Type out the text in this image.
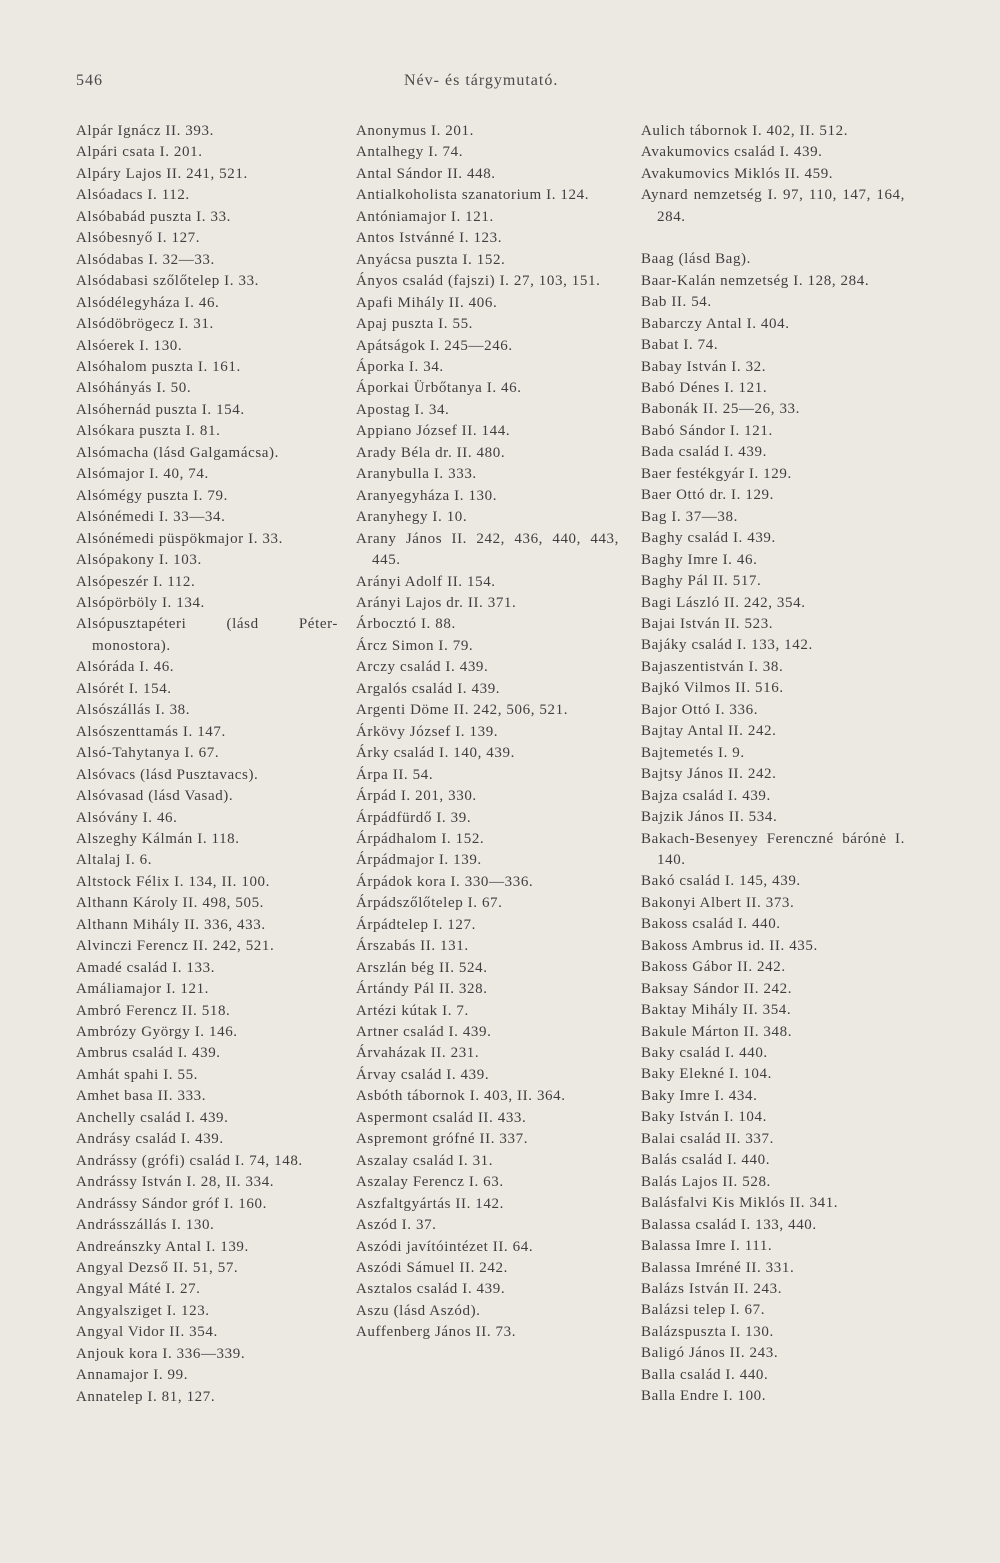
546	Név- és tárgymutató.
Alpár Ignácz II. 393.
Alpári csata I. 201.
Alpáry Lajos II. 241, 521.
Alsóadacs I. 112.
Alsóbabád puszta I. 33.
Alsóbesnyő I. 127.
Alsódabas I. 32—33.
Alsódabasi szőlőtelep I. 33.
Alsódélegyháza I. 46.
Alsódöbrögecz I. 31.
Alsóerek I. 130.
Alsóhalom puszta I. 161.
Alsóhányás I. 50.
Alsóhernád puszta I. 154.
Alsókara puszta I. 81.
Alsómacha (lásd Galgamácsa).
Alsómajor I. 40, 74.
Alsómégy puszta I. 79.
Alsónémedi I. 33—34.
Alsónémedi püspökmajor I. 33.
Alsópakony I. 103.
Alsópeszér I. 112.
Alsópörböly I. 134.
Alsópusztapéteri (lásd Péter-monostora).
Alsóráda I. 46.
Alsórét I. 154.
Alsószállás I. 38.
Alsószenttamás I. 147.
Alsó-Tahytanya I. 67.
Alsóvacs (lásd Pusztavacs).
Alsóvasad (lásd Vasad).
Alsóvány I. 46.
Alszeghy Kálmán I. 118.
Altalaj I. 6.
Altstock Félix I. 134, II. 100.
Althann Károly II. 498, 505.
Althann Mihály II. 336, 433.
Alvinczi Ferencz II. 242, 521.
Amadé család I. 133.
Amáliamajor I. 121.
Ambró Ferencz II. 518.
Ambrózy György I. 146.
Ambrus család I. 439.
Amhát spahi I. 55.
Amhet basa II. 333.
Anchelly család I. 439.
Andrásy család I. 439.
Andrássy (grófi) család I. 74, 148.
Andrássy István I. 28, II. 334.
Andrássy Sándor gróf I. 160.
Andrásszállás I. 130.
Andreánszky Antal I. 139.
Angyal Dezső II. 51, 57.
Angyal Máté I. 27.
Angyalsziget I. 123.
Angyal Vidor II. 354.
Anjouk kora I. 336—339.
Annamajor I. 99.
Annatelep I. 81, 127.
Anonymus I. 201.
Antalhegy I. 74.
Antal Sándor II. 448.
Antialkoholista szanatorium I. 124.
Antóniamajor I. 121.
Antos Istvánné I. 123.
Anyácsa puszta I. 152.
Ányos család (fajszi) I. 27, 103, 151.
Apafi Mihály II. 406.
Apaj puszta I. 55.
Apátságok I. 245—246.
Áporka I. 34.
Áporkai Ürbőtanya I. 46.
Apostag I. 34.
Appiano József II. 144.
Arady Béla dr. II. 480.
Aranybulla I. 333.
Aranyegyháza I. 130.
Aranyhegy I. 10.
Arany János II. 242, 436, 440, 443, 445.
Arányi Adolf II. 154.
Arányi Lajos dr. II. 371.
Árbocztó I. 88.
Árcz Simon I. 79.
Arczy család I. 439.
Argalós család I. 439.
Argenti Döme II. 242, 506, 521.
Árkövy József I. 139.
Árky család I. 140, 439.
Árpa II. 54.
Árpád I. 201, 330.
Árpádfürdő I. 39.
Árpádhalom I. 152.
Árpádmajor I. 139.
Árpádok kora I. 330—336.
Árpádszőlőtelep I. 67.
Árpádtelep I. 127.
Árszabás II. 131.
Arszlán bég II. 524.
Ártándy Pál II. 328.
Artézi kútak I. 7.
Artner család I. 439.
Árvaházak II. 231.
Árvay család I. 439.
Asbóth tábornok I. 403, II. 364.
Aspermont család II. 433.
Aspremont grófné II. 337.
Aszalay család I. 31.
Aszalay Ferencz I. 63.
Aszfaltgyártás II. 142.
Aszód I. 37.
Aszódi javítóintézet II. 64.
Aszódi Sámuel II. 242.
Asztalos család I. 439.
Aszu (lásd Aszód).
Auffenberg János II. 73.
Aulich tábornok I. 402, II. 512.
Avakumovics család I. 439.
Avakumovics Miklós II. 459.
Aynard nemzetség I. 97, 110, 147, 164, 284.
Baag (lásd Bag).
Baar-Kalán nemzetség I. 128, 284.
Bab II. 54.
Babarczy Antal I. 404.
Babat I. 74.
Babay István I. 32.
Babó Dénes I. 121.
Babonák II. 25—26, 33.
Babó Sándor I. 121.
Bada család I. 439.
Baer festékgyár I. 129.
Baer Ottó dr. I. 129.
Bag I. 37—38.
Baghy család I. 439.
Baghy Imre I. 46.
Baghy Pál II. 517.
Bagi László II. 242, 354.
Bajai István II. 523.
Bajáky család I. 133, 142.
Bajaszentistván I. 38.
Bajkó Vilmos II. 516.
Bajor Ottó I. 336.
Bajtay Antal II. 242.
Bajtemetés I. 9.
Bajtsy János II. 242.
Bajza család I. 439.
Bajzik János II. 534.
Bakach-Besenyey Ferenczné bárónė I. 140.
Bakó család I. 145, 439.
Bakonyi Albert II. 373.
Bakoss család I. 440.
Bakoss Ambrus id. II. 435.
Bakoss Gábor II. 242.
Baksay Sándor II. 242.
Baktay Mihály II. 354.
Bakule Márton II. 348.
Baky család I. 440.
Baky Elekné I. 104.
Baky Imre I. 434.
Baky István I. 104.
Balai család II. 337.
Balás család I. 440.
Balás Lajos II. 528.
Balásfalvi Kis Miklós II. 341.
Balassa család I. 133, 440.
Balassa Imre I. 111.
Balassa Imréné II. 331.
Balázs István II. 243.
Balázsi telep I. 67.
Balázspuszta I. 130.
Baligó János II. 243.
Balla család I. 440.
Balla Endre I. 100.
